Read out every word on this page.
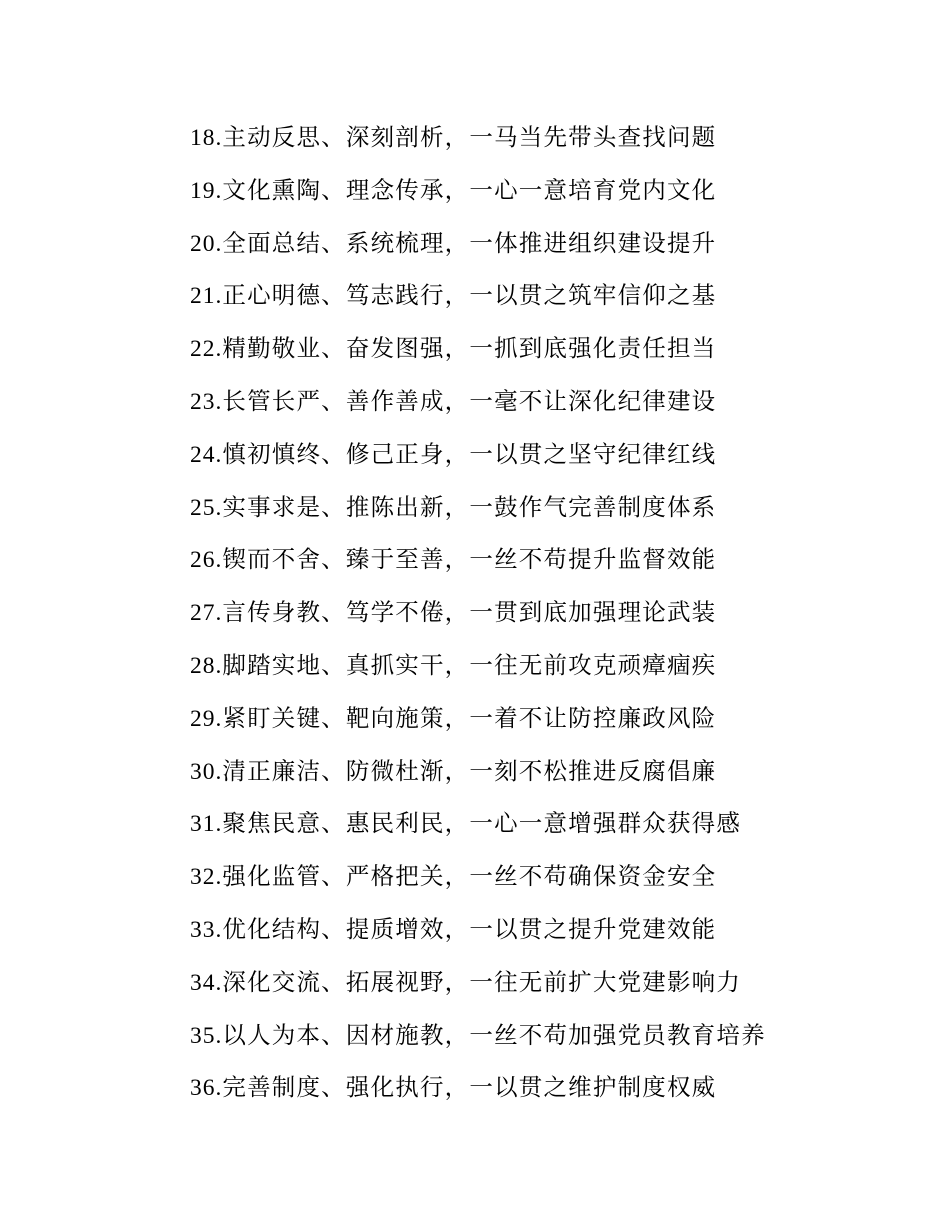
18.主动反思、深刻剖析，一马当先带头查找问题
19.文化熏陶、理念传承，一心一意培育党内文化
20.全面总结、系统梳理，一体推进组织建设提升
21.正心明德、笃志践行，一以贯之筑牢信仰之基
22.精勤敬业、奋发图强，一抓到底强化责任担当
23.长管长严、善作善成，一毫不让深化纪律建设
24.慎初慎终、修己正身，一以贯之坚守纪律红线
25.实事求是、推陈出新，一鼓作气完善制度体系
26.锲而不舍、臻于至善，一丝不苟提升监督效能
27.言传身教、笃学不倦，一贯到底加强理论武装
28.脚踏实地、真抓实干，一往无前攻克顽瘴痼疾
29.紧盯关键、靶向施策，一着不让防控廉政风险
30.清正廉洁、防微杜渐，一刻不松推进反腐倡廉
31.聚焦民意、惠民利民，一心一意增强群众获得感
32.强化监管、严格把关，一丝不苟确保资金安全
33.优化结构、提质增效，一以贯之提升党建效能
34.深化交流、拓展视野，一往无前扩大党建影响力
35.以人为本、因材施教，一丝不苟加强党员教育培养
36.完善制度、强化执行，一以贯之维护制度权威
